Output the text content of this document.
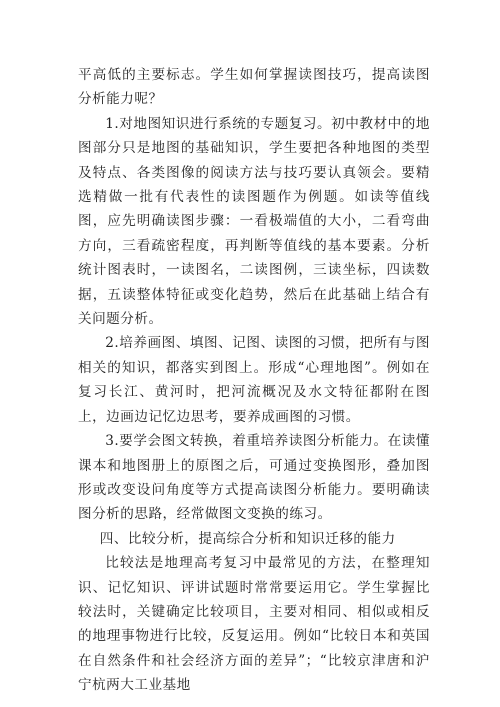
平高低的主要标志。学生如何掌握读图技巧，提高读图分析能力呢？

1.对地图知识进行系统的专题复习。初中教材中的地图部分只是地图的基础知识，学生要把各种地图的类型及特点、各类图像的阅读方法与技巧要认真领会。要精选精做一批有代表性的读图题作为例题。如读等值线图，应先明确读图步骤：一看极端值的大小，二看弯曲方向，三看疏密程度，再判断等值线的基本要素。分析统计图表时，一读图名，二读图例，三读坐标，四读数据，五读整体特征或变化趋势，然后在此基础上结合有关问题分析。

2.培养画图、填图、记图、读图的习惯，把所有与图相关的知识，都落实到图上。形成“心理地图”。例如在复习长江、黄河时，把河流概况及水文特征都附在图上，边画边记忆边思考，要养成画图的习惯。

3.要学会图文转换，着重培养读图分析能力。在读懂课本和地图册上的原图之后，可通过变换图形，叠加图形或改变设问角度等方式提高读图分析能力。要明确读图分析的思路，经常做图文变换的练习。

四、比较分析，提高综合分析和知识迁移的能力

比较法是地理高考复习中最常见的方法，在整理知识、记忆知识、评讲试题时常常要运用它。学生掌握比较法时，关键确定比较项目，主要对相同、相似或相反的地理事物进行比较，反复运用。例如“比较日本和英国在自然条件和社会经济方面的差异”；“比较京津唐和沪宁杭两大工业基地
